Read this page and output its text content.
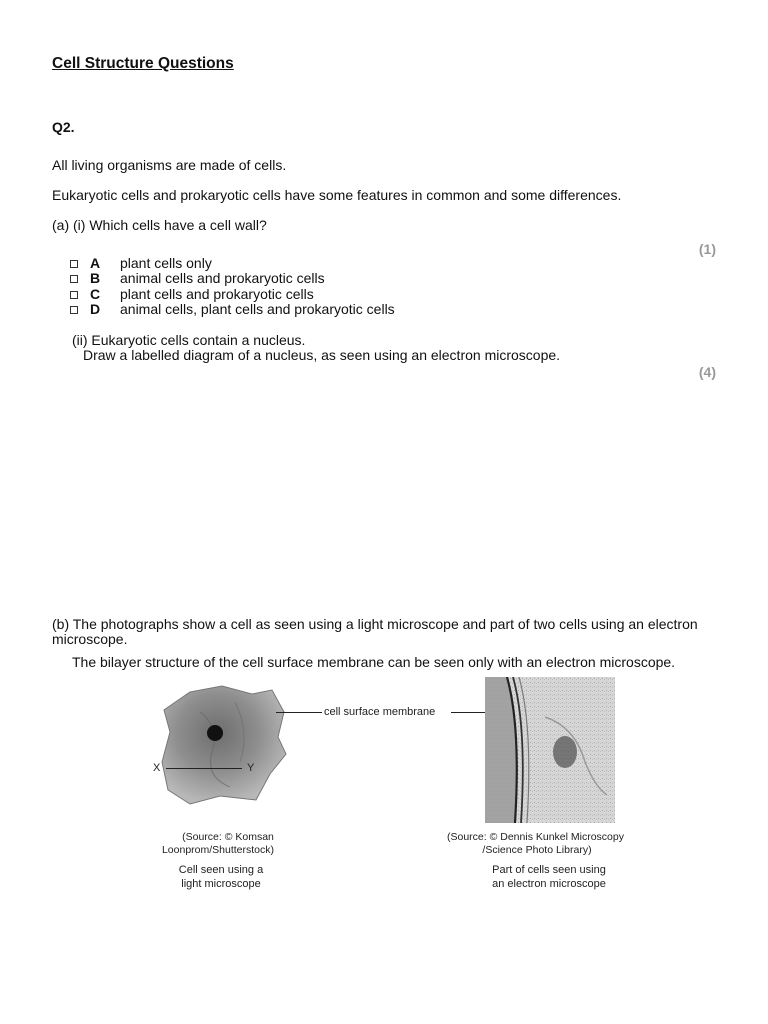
Cell Structure Questions
Q2.
All living organisms are made of cells.
Eukaryotic cells and prokaryotic cells have some features in common and some differences.
(a) (i) Which cells have a cell wall?
(1)
A	plant cells only
B	animal cells and prokaryotic cells
C	plant cells and prokaryotic cells
D	animal cells, plant cells and prokaryotic cells
(ii) Eukaryotic cells contain a nucleus.
Draw a labelled diagram of a nucleus, as seen using an electron microscope.
(4)
(b) The photographs show a cell as seen using a light microscope and part of two cells using an electron
microscope.
The bilayer structure of the cell surface membrane can be seen only with an electron microscope.
cell surface membrane
X	Y
(Source: © Komsan
Loonprom/Shutterstock)
Cell seen using a
light microscope
(Source: © Dennis Kunkel Microscopy
/Science Photo Library)
Part of cells seen using
an electron microscope
